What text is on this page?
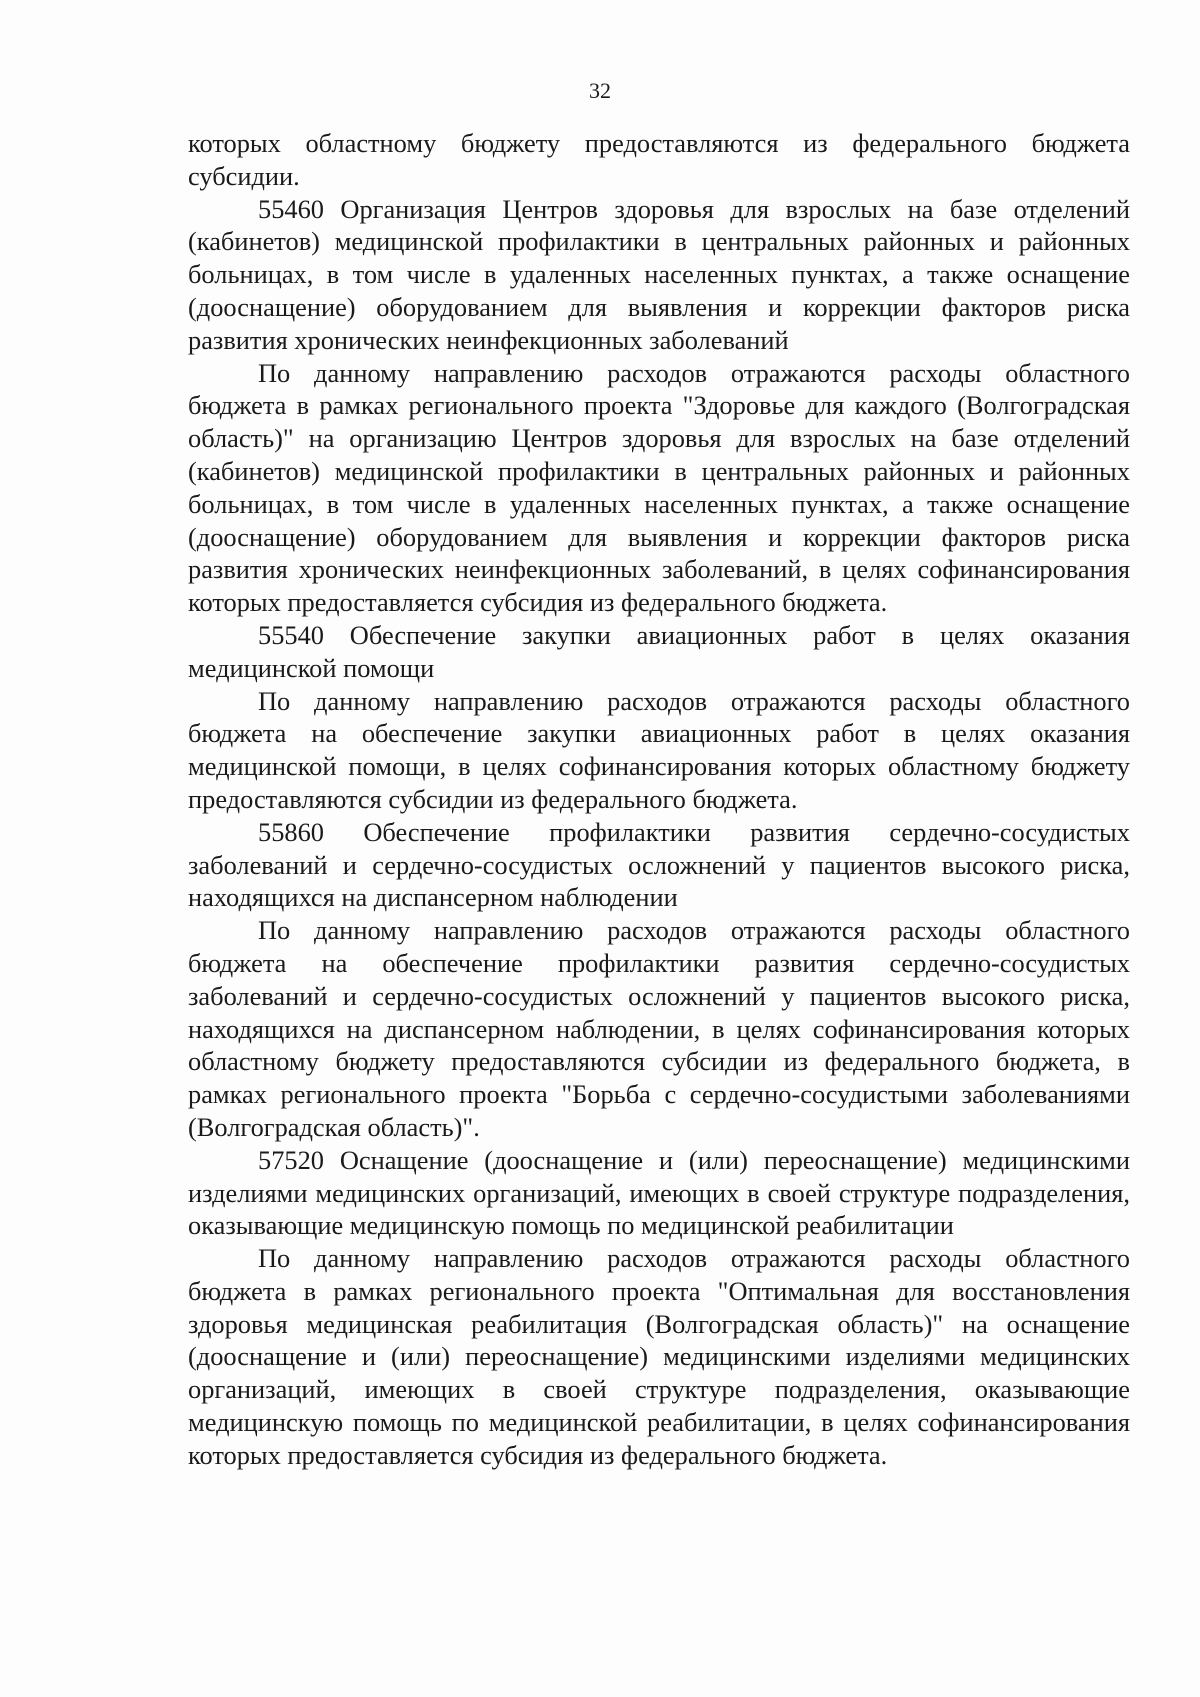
32

которых областному бюджету предоставляются из федерального бюджета субсидии.

55460 Организация Центров здоровья для взрослых на базе отделений (кабинетов) медицинской профилактики в центральных районных и районных больницах, в том числе в удаленных населенных пунктах, а также оснащение (дооснащение) оборудованием для выявления и коррекции факторов риска развития хронических неинфекционных заболеваний

По данному направлению расходов отражаются расходы областного бюджета в рамках регионального проекта "Здоровье для каждого (Волгоградская область)" на организацию Центров здоровья для взрослых на базе отделений (кабинетов) медицинской профилактики в центральных районных и районных больницах, в том числе в удаленных населенных пунктах, а также оснащение (дооснащение) оборудованием для выявления и коррекции факторов риска развития хронических неинфекционных заболеваний, в целях софинансирования которых предоставляется субсидия из федерального бюджета.

55540 Обеспечение закупки авиационных работ в целях оказания медицинской помощи

По данному направлению расходов отражаются расходы областного бюджета на обеспечение закупки авиационных работ в целях оказания медицинской помощи, в целях софинансирования которых областному бюджету предоставляются субсидии из федерального бюджета.

55860 Обеспечение профилактики развития сердечно-сосудистых заболеваний и сердечно-сосудистых осложнений у пациентов высокого риска, находящихся на диспансерном наблюдении

По данному направлению расходов отражаются расходы областного бюджета на обеспечение профилактики развития сердечно-сосудистых заболеваний и сердечно-сосудистых осложнений у пациентов высокого риска, находящихся на диспансерном наблюдении, в целях софинансирования которых областному бюджету предоставляются субсидии из федерального бюджета, в рамках регионального проекта "Борьба с сердечно-сосудистыми заболеваниями (Волгоградская область)".

57520 Оснащение (дооснащение и (или) переоснащение) медицинскими изделиями медицинских организаций, имеющих в своей структуре подразделения, оказывающие медицинскую помощь по медицинской реабилитации

По данному направлению расходов отражаются расходы областного бюджета в рамках регионального проекта "Оптимальная для восстановления здоровья медицинская реабилитация (Волгоградская область)" на оснащение (дооснащение и (или) переоснащение) медицинскими изделиями медицинских организаций, имеющих в своей структуре подразделения, оказывающие медицинскую помощь по медицинской реабилитации, в целях софинансирования которых предоставляется субсидия из федерального бюджета.
